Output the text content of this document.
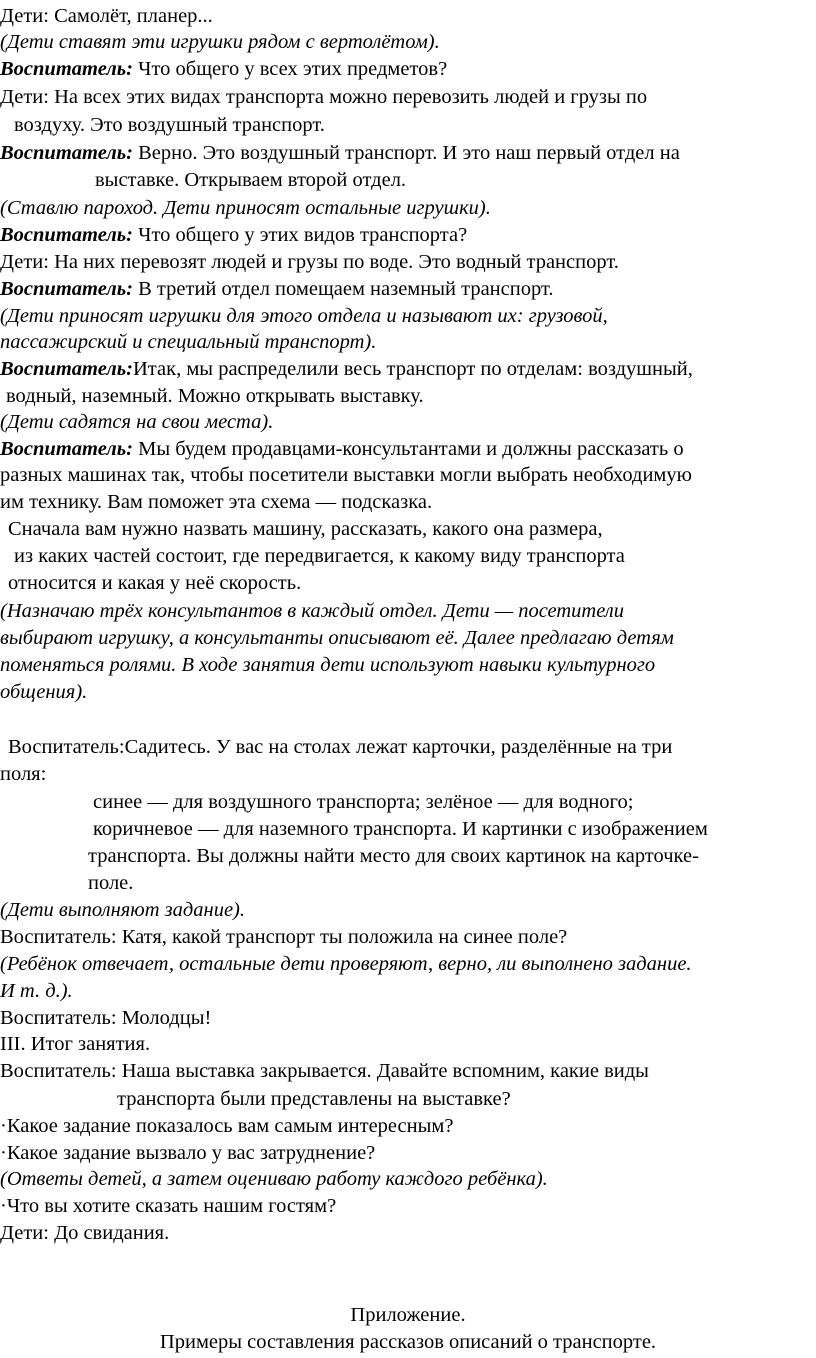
Дети: Самолёт, планер...
(Дети ставят эти игрушки рядом с вертолётом).
Воспитатель: Что общего у всех этих предметов?
Дети: На всех этих видах транспорта можно перевозить людей и грузы по
воздуху. Это воздушный транспорт.
Воспитатель: Верно. Это воздушный транспорт. И это наш первый отдел на
выставке. Открываем второй отдел.
(Ставлю пароход. Дети приносят остальные игрушки).
Воспитатель: Что общего у этих видов транспорта?
Дети: На них перевозят людей и грузы по воде. Это водный транспорт.
Воспитатель: В третий отдел помещаем наземный транспорт.
(Дети приносят игрушки для этого отдела и называют их: грузовой,
пассажирский и специальный транспорт).
Воспитатель:Итак, мы распределили весь транспорт по отделам: воздушный,
водный, наземный. Можно открывать выставку.
(Дети садятся на свои места).
Воспитатель: Мы будем продавцами-консультантами и должны рассказать о
разных машинах так, чтобы посетители выставки могли выбрать необходимую
им технику. Вам поможет эта схема — подсказка.
Сначала вам нужно назвать машину, рассказать, какого она размера,
из каких частей состоит, где передвигается, к какому виду транспорта
относится и какая у неё скорость.
(Назначаю трёх консультантов в каждый отдел. Дети — посетители
выбирают игрушку, а консультанты описывают её. Далее предлагаю детям
поменяться ролями. В ходе занятия дети используют навыки культурного
общения).
Воспитатель:Садитесь. У вас на столах лежат карточки, разделённые на три
поля:
синее — для воздушного транспорта; зелёное — для водного;
коричневое — для наземного транспорта. И картинки с изображением
транспорта. Вы должны найти место для своих картинок на карточке-
поле.
(Дети выполняют задание).
Воспитатель: Катя, какой транспорт ты положила на синее поле?
(Ребёнок отвечает, остальные дети проверяют, верно, ли выполнено задание.
И т. д.).
Воспитатель: Молодцы!
III. Итог занятия.
Воспитатель: Наша выставка закрывается. Давайте вспомним, какие виды
транспорта были представлены на выставке?
·Какое задание показалось вам самым интересным?
·Какое задание вызвало у вас затруднение?
(Ответы детей, а затем оцениваю работу каждого ребёнка).
·Что вы хотите сказать нашим гостям?
Дети: До свидания.
Приложение.
Примеры составления рассказов описаний о транспорте.
